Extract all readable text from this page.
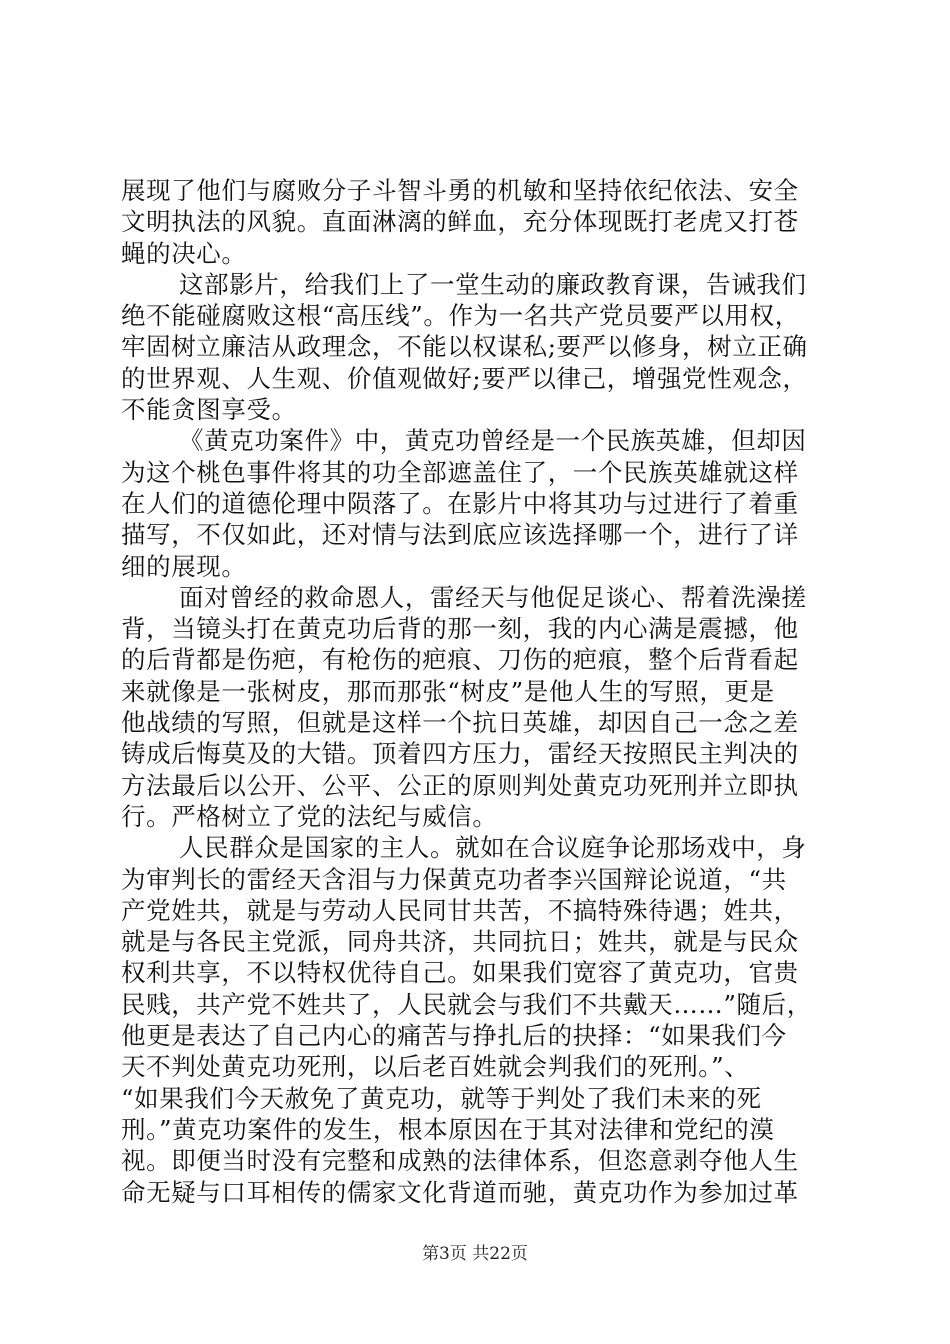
展现了他们与腐败分子斗智斗勇的机敏和坚持依纪依法、安全
文明执法的风貌。直面淋漓的鲜血，充分体现既打老虎又打苍
蝇的决心。
这部影片，给我们上了一堂生动的廉政教育课，告诫我们
绝不能碰腐败这根“高压线”。作为一名共产党员要严以用权，
牢固树立廉洁从政理念，不能以权谋私;要严以修身，树立正确
的世界观、人生观、价值观做好;要严以律己，增强党性观念，
不能贪图享受。
《黄克功案件》中，黄克功曾经是一个民族英雄，但却因
为这个桃色事件将其的功全部遮盖住了，一个民族英雄就这样
在人们的道德伦理中陨落了。在影片中将其功与过进行了着重
描写，不仅如此，还对情与法到底应该选择哪一个，进行了详
细的展现。
面对曾经的救命恩人，雷经天与他促足谈心、帮着洗澡搓
背，当镜头打在黄克功后背的那一刻，我的内心满是震撼，他
的后背都是伤疤，有枪伤的疤痕、刀伤的疤痕，整个后背看起
来就像是一张树皮，那而那张“树皮”是他人生的写照，更是
他战绩的写照，但就是这样一个抗日英雄，却因自己一念之差
铸成后悔莫及的大错。顶着四方压力，雷经天按照民主判决的
方法最后以公开、公平、公正的原则判处黄克功死刑并立即执
行。严格树立了党的法纪与威信。
人民群众是国家的主人。就如在合议庭争论那场戏中，身
为审判长的雷经天含泪与力保黄克功者李兴国辩论说道，“共
产党姓共，就是与劳动人民同甘共苦，不搞特殊待遇；姓共，
就是与各民主党派，同舟共济，共同抗日；姓共，就是与民众
权利共享，不以特权优待自己。如果我们宽容了黄克功，官贵
民贱，共产党不姓共了，人民就会与我们不共戴天……”随后，
他更是表达了自己内心的痛苦与挣扎后的抉择：“如果我们今
天不判处黄克功死刑，以后老百姓就会判我们的死刑。”、
“如果我们今天赦免了黄克功，就等于判处了我们未来的死
刑。”黄克功案件的发生，根本原因在于其对法律和党纪的漠
视。即便当时没有完整和成熟的法律体系，但恣意剥夺他人生
命无疑与口耳相传的儒家文化背道而驰，黄克功作为参加过革
第3页 共22页
